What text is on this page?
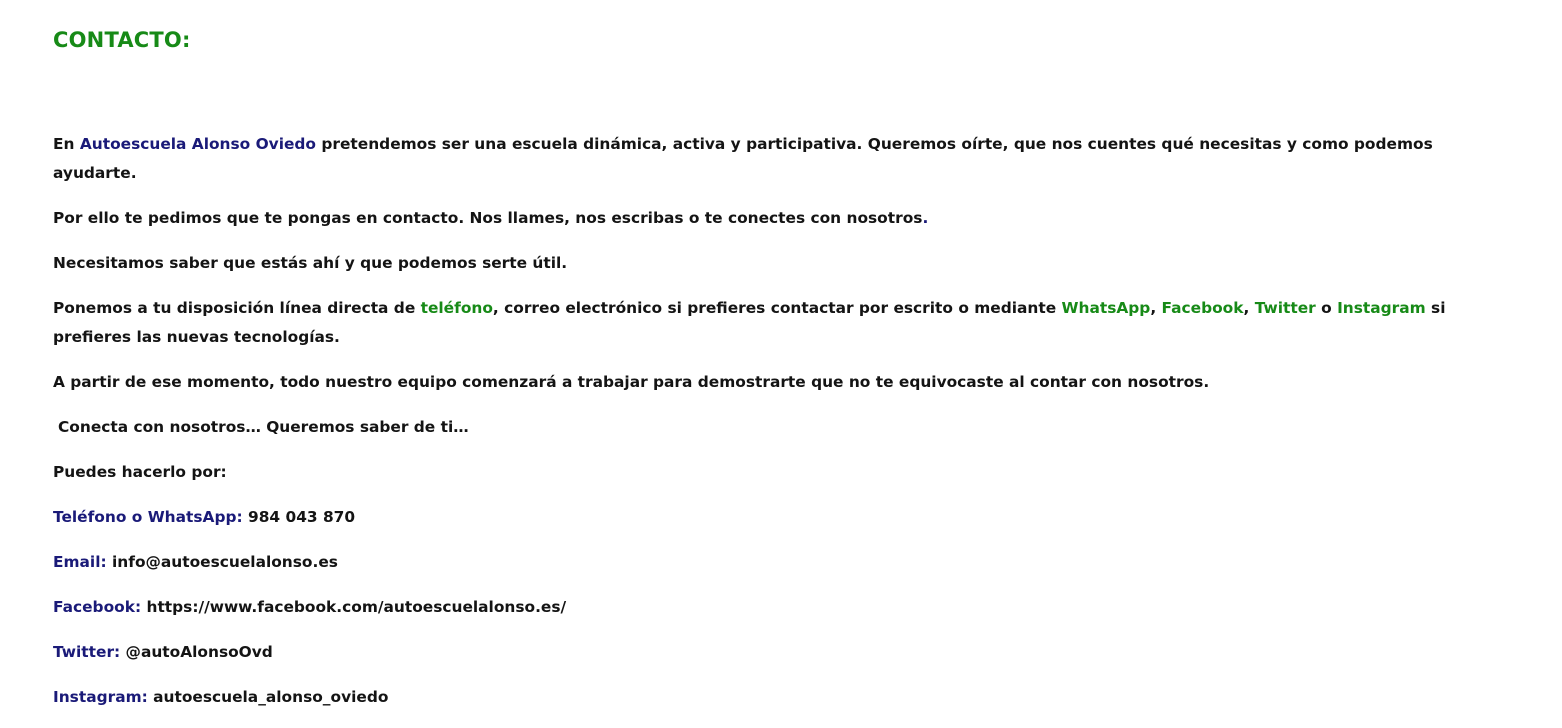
CONTACTO:

En Autoescuela Alonso Oviedo pretendemos ser una escuela dinámica, activa y participativa. Queremos oírte, que nos cuentes qué necesitas y como podemos ayudarte.

Por ello te pedimos que te pongas en contacto. Nos llames, nos escribas o te conectes con nosotros.

Necesitamos saber que estás ahí y que podemos serte útil.

Ponemos a tu disposición línea directa de teléfono, correo electrónico si prefieres contactar por escrito o mediante WhatsApp, Facebook, Twitter o Instagram si prefieres las nuevas tecnologías.

A partir de ese momento, todo nuestro equipo comenzará a trabajar para demostrarte que no te equivocaste al contar con nosotros.

Conecta con nosotros… Queremos saber de ti…

Puedes hacerlo por:

Teléfono o WhatsApp: 984 043 870

Email: info@autoescuelalonso.es

Facebook: https://www.facebook.com/autoescuelalonso.es/

Twitter: @autoAlonsoOvd

Instagram: autoescuela_alonso_oviedo
